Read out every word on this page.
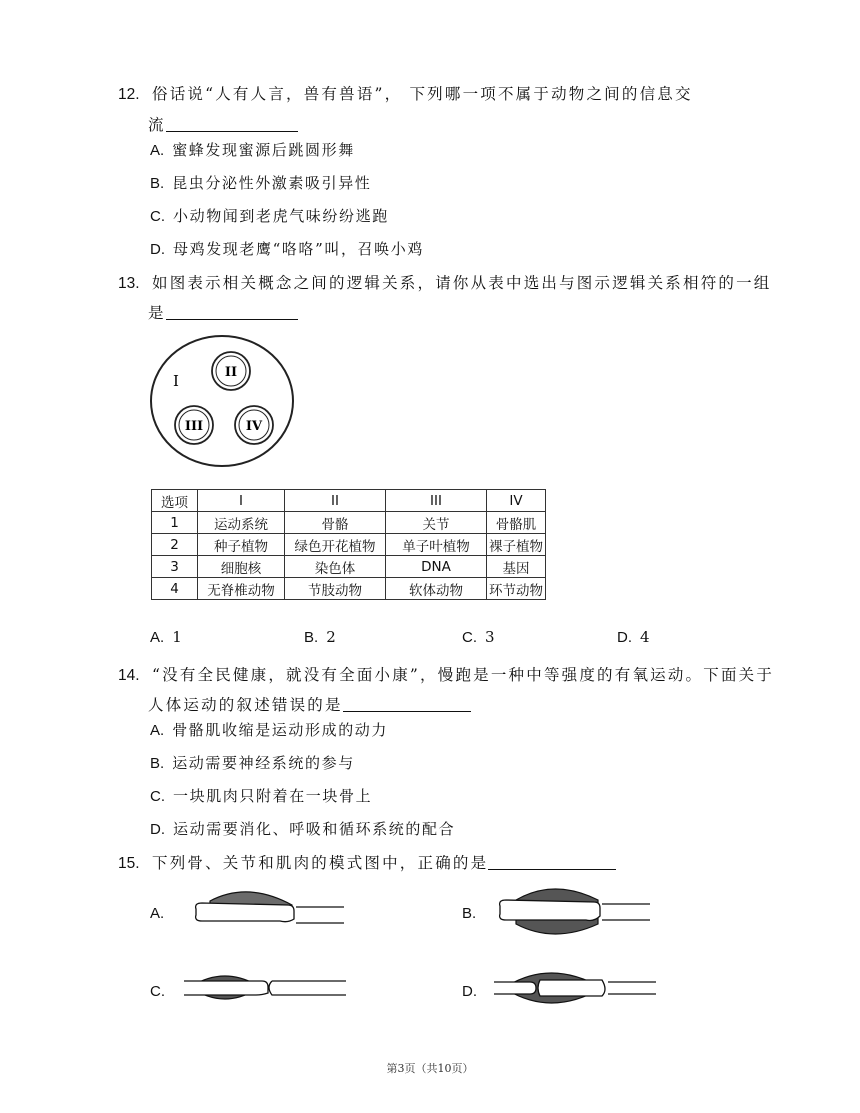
12. 俗话说“人有人言，兽有兽语”， 下列哪一项不属于动物之间的信息交
流
A. 蜜蜂发现蜜源后跳圆形舞
B. 昆虫分泌性外激素吸引异性
C. 小动物闻到老虎气味纷纷逃跑
D. 母鸡发现老鹰“咯咯”叫，召唤小鸡
13. 如图表示相关概念之间的逻辑关系，请你从表中选出与图示逻辑关系相符的一组
是
I	II
III	IV
选项	I	II	III	IV
1	运动系统	骨骼	关节	骨骼肌
2	种子植物	绿色开花植物	单子叶植物	裸子植物
3	细胞核	染色体	DNA	基因
4	无脊椎动物	节肢动物	软体动物	环节动物
A. 1	B. 2	C. 3	D. 4
14. “没有全民健康，就没有全面小康”，慢跑是一种中等强度的有氧运动。下面关于
人体运动的叙述错误的是
A. 骨骼肌收缩是运动形成的动力
B. 运动需要神经系统的参与
C. 一块肌肉只附着在一块骨上
D. 运动需要消化、呼吸和循环系统的配合
15. 下列骨、关节和肌肉的模式图中，正确的是
A.	B.
C.	D.
第3页（共10页）
